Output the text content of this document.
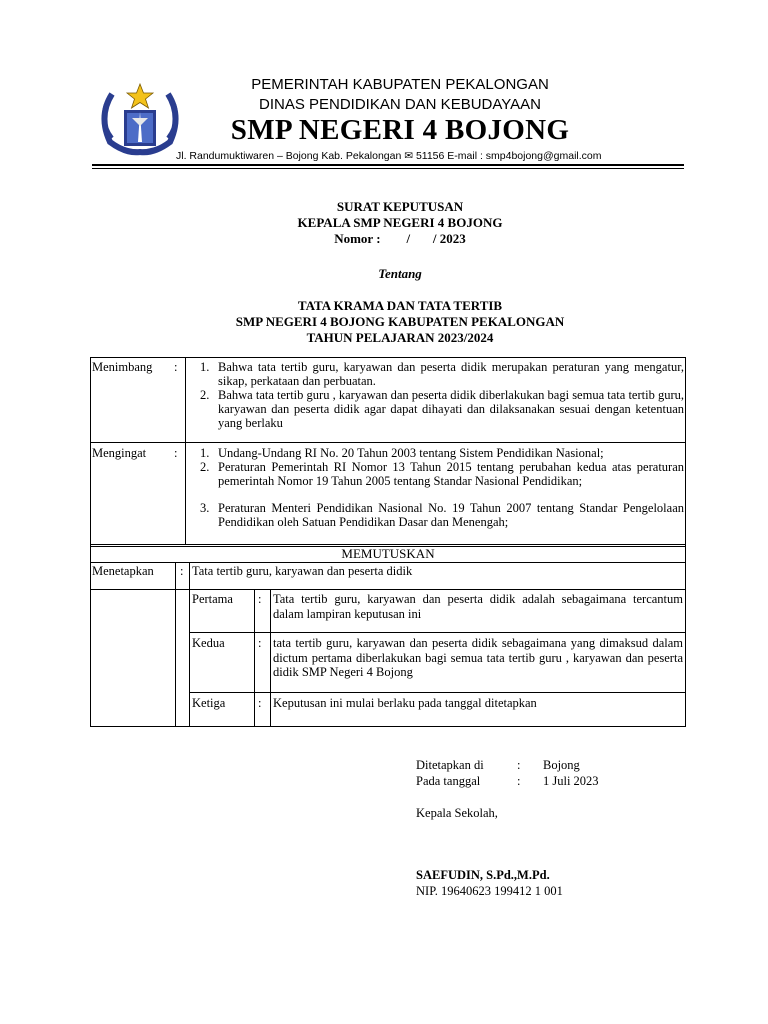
PEMERINTAH KABUPATEN PEKALONGAN
DINAS PENDIDIKAN DAN KEBUDAYAAN
SMP NEGERI 4 BOJONG
Jl. Randumuktiwaren – Bojong Kab. Pekalongan ✉ 51156 E-mail : smp4bojong@gmail.com
SURAT KEPUTUSAN
KEPALA SMP NEGERI 4 BOJONG
Nomor :        /       / 2023
Tentang
TATA KRAMA DAN TATA TERTIB
SMP NEGERI 4 BOJONG KABUPATEN PEKALONGAN
TAHUN PELAJARAN 2023/2024
Menimbang : 1. Bahwa tata tertib guru, karyawan dan peserta didik merupakan peraturan yang mengatur, sikap, perkataan dan perbuatan.
2. Bahwa tata tertib guru , karyawan dan peserta didik diberlakukan bagi semua tata tertib guru, karyawan dan peserta didik agar dapat dihayati dan dilaksanakan sesuai dengan ketentuan yang berlaku
Mengingat : 1. Undang-Undang RI No. 20 Tahun 2003 tentang Sistem Pendidikan Nasional;
2. Peraturan Pemerintah RI Nomor 13 Tahun 2015 tentang perubahan kedua atas peraturan pemerintah Nomor 19 Tahun 2005 tentang Standar Nasional Pendidikan;
3. Peraturan Menteri Pendidikan Nasional No. 19 Tahun 2007 tentang Standar Pengelolaan Pendidikan oleh Satuan Pendidikan Dasar dan Menengah;
MEMUTUSKAN
Menetapkan : Tata tertib guru, karyawan dan peserta didik
Pertama : Tata tertib guru, karyawan dan peserta didik adalah sebagaimana tercantum dalam lampiran keputusan ini
Kedua	: tata tertib guru, karyawan dan peserta didik sebagaimana yang dimaksud dalam dictum pertama diberlakukan bagi semua tata tertib guru , karyawan dan peserta didik SMP Negeri 4 Bojong
Ketiga	: Keputusan ini mulai berlaku pada tanggal ditetapkan
Ditetapkan di	: Bojong
Pada tanggal	: 1 Juli 2023
Kepala Sekolah,
SAEFUDIN, S.Pd.,M.Pd.
NIP. 19640623 199412 1 001
